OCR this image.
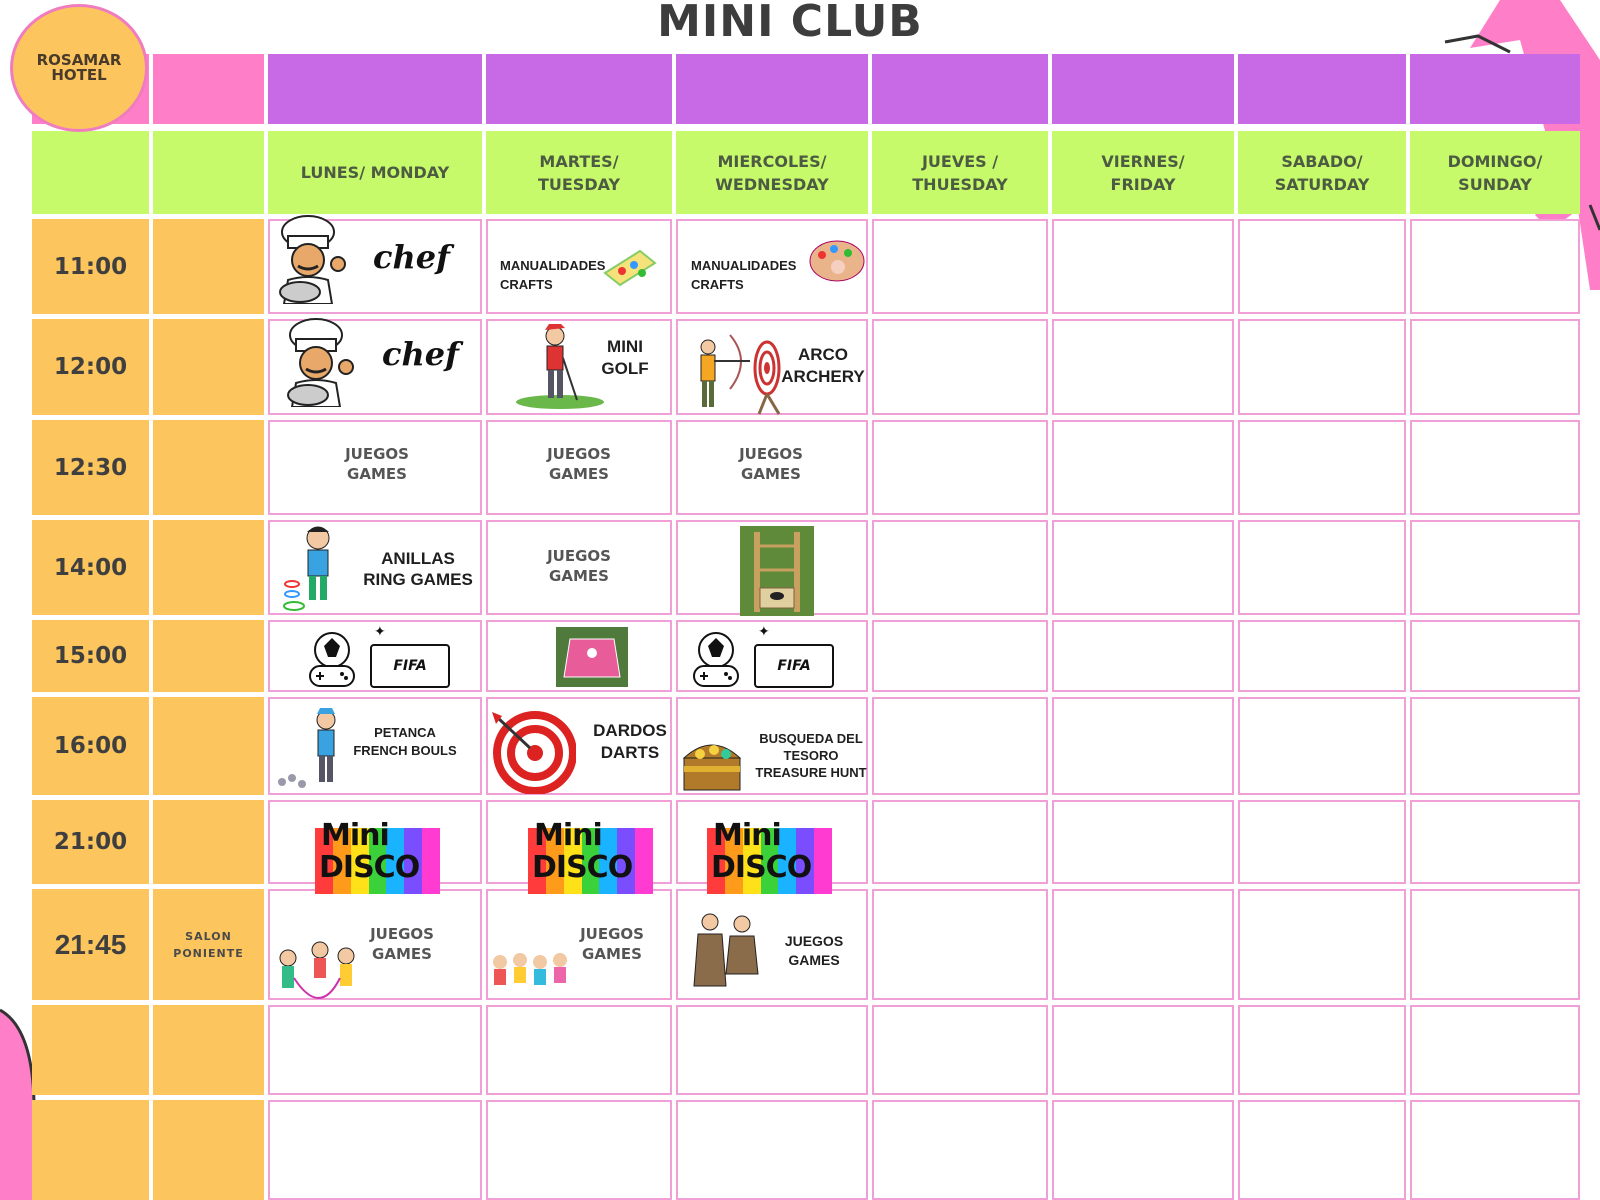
MINI CLUB
ROSAMAR
HOTEL
LUNES/ MONDAY
MARTES/
TUESDAY
MIERCOLES/
WEDNESDAY
JUEVES /
THUESDAY
VIERNES/
FRIDAY
SABADO/
SATURDAY
DOMINGO/
SUNDAY
11:00
12:00
12:30
14:00
15:00
16:00
21:00
21:45	SALON
PONIENTE
chef
chef
MANUALIDADES
CRAFTS
MANUALIDADES
CRAFTS
MINI
GOLF
ARCO
ARCHERY
JUEGOS
GAMES
JUEGOS
GAMES
JUEGOS
GAMES
ANILLAS
RING GAMES
JUEGOS
GAMES
FIFA
✦
FIFA
✦
PETANCA
FRENCH BOULS
DARDOS
DARTS
BUSQUEDA DEL
TESORO
TREASURE HUNT
Mini
DISCO
Mini
DISCO
Mini
DISCO
JUEGOS
GAMES
JUEGOS
GAMES
JUEGOS
GAMES
